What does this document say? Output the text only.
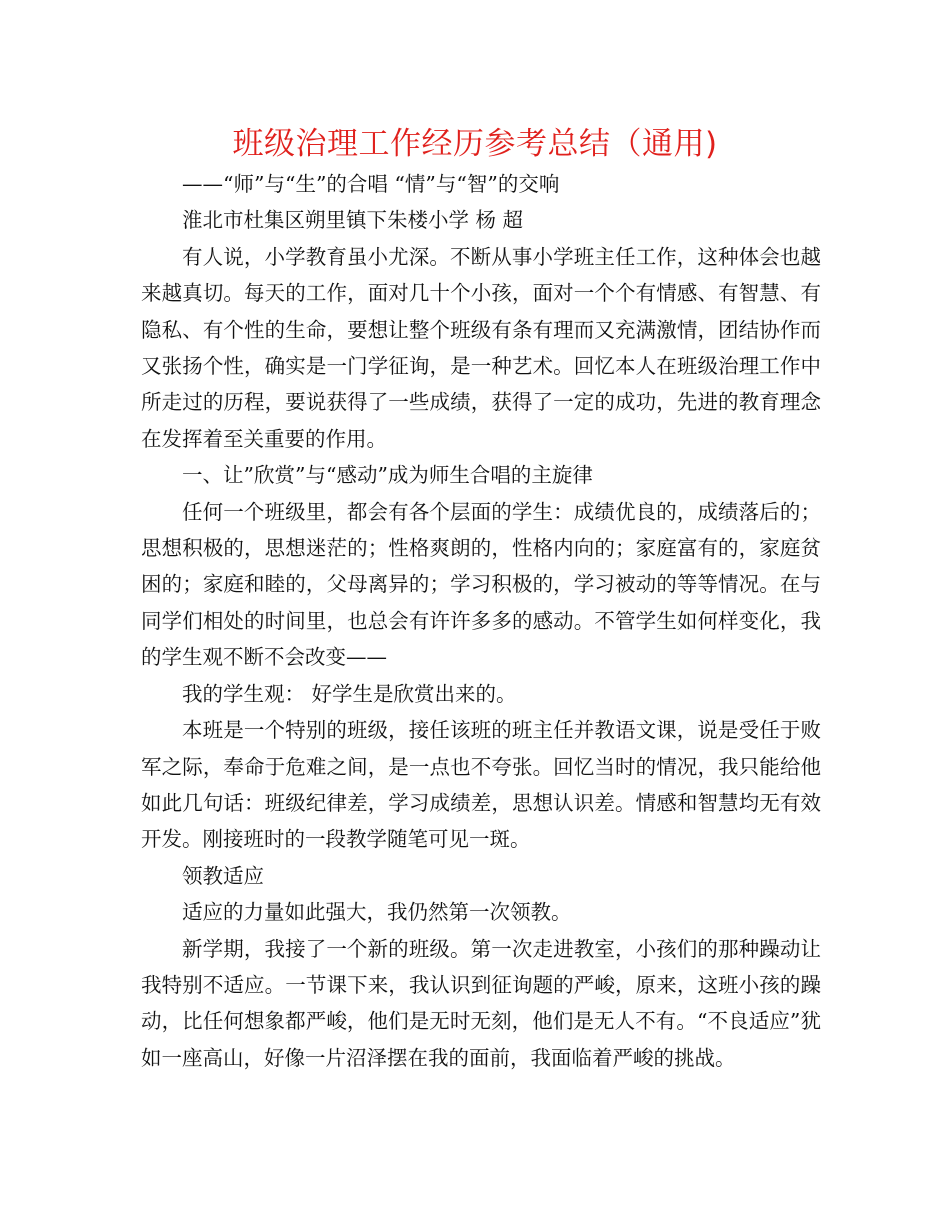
班级治理工作经历参考总结（通用)

——“师”与“生”的合唱 “情”与“智”的交响

淮北市杜集区朔里镇下朱楼小学 杨 超

有人说，小学教育虽小尤深。不断从事小学班主任工作，这种体会也越来越真切。每天的工作，面对几十个小孩，面对一个个有情感、有智慧、有隐私、有个性的生命，要想让整个班级有条有理而又充满激情，团结协作而又张扬个性，确实是一门学征询，是一种艺术。回忆本人在班级治理工作中所走过的历程，要说获得了一些成绩，获得了一定的成功，先进的教育理念在发挥着至关重要的作用。

一、让”欣赏”与“感动”成为师生合唱的主旋律

任何一个班级里，都会有各个层面的学生：成绩优良的，成绩落后的；思想积极的，思想迷茫的；性格爽朗的，性格内向的；家庭富有的，家庭贫困的；家庭和睦的，父母离异的；学习积极的，学习被动的等等情况。在与同学们相处的时间里，也总会有许许多多的感动。不管学生如何样变化，我的学生观不断不会改变——

我的学生观： 好学生是欣赏出来的。

本班是一个特别的班级，接任该班的班主任并教语文课，说是受任于败军之际，奉命于危难之间，是一点也不夸张。回忆当时的情况，我只能给他如此几句话：班级纪律差，学习成绩差，思想认识差。情感和智慧均无有效开发。刚接班时的一段教学随笔可见一斑。

领教适应

适应的力量如此强大，我仍然第一次领教。

新学期，我接了一个新的班级。第一次走进教室，小孩们的那种躁动让我特别不适应。一节课下来，我认识到征询题的严峻，原来，这班小孩的躁动，比任何想象都严峻，他们是无时无刻，他们是无人不有。“不良适应”犹如一座高山，好像一片沼泽摆在我的面前，我面临着严峻的挑战。
